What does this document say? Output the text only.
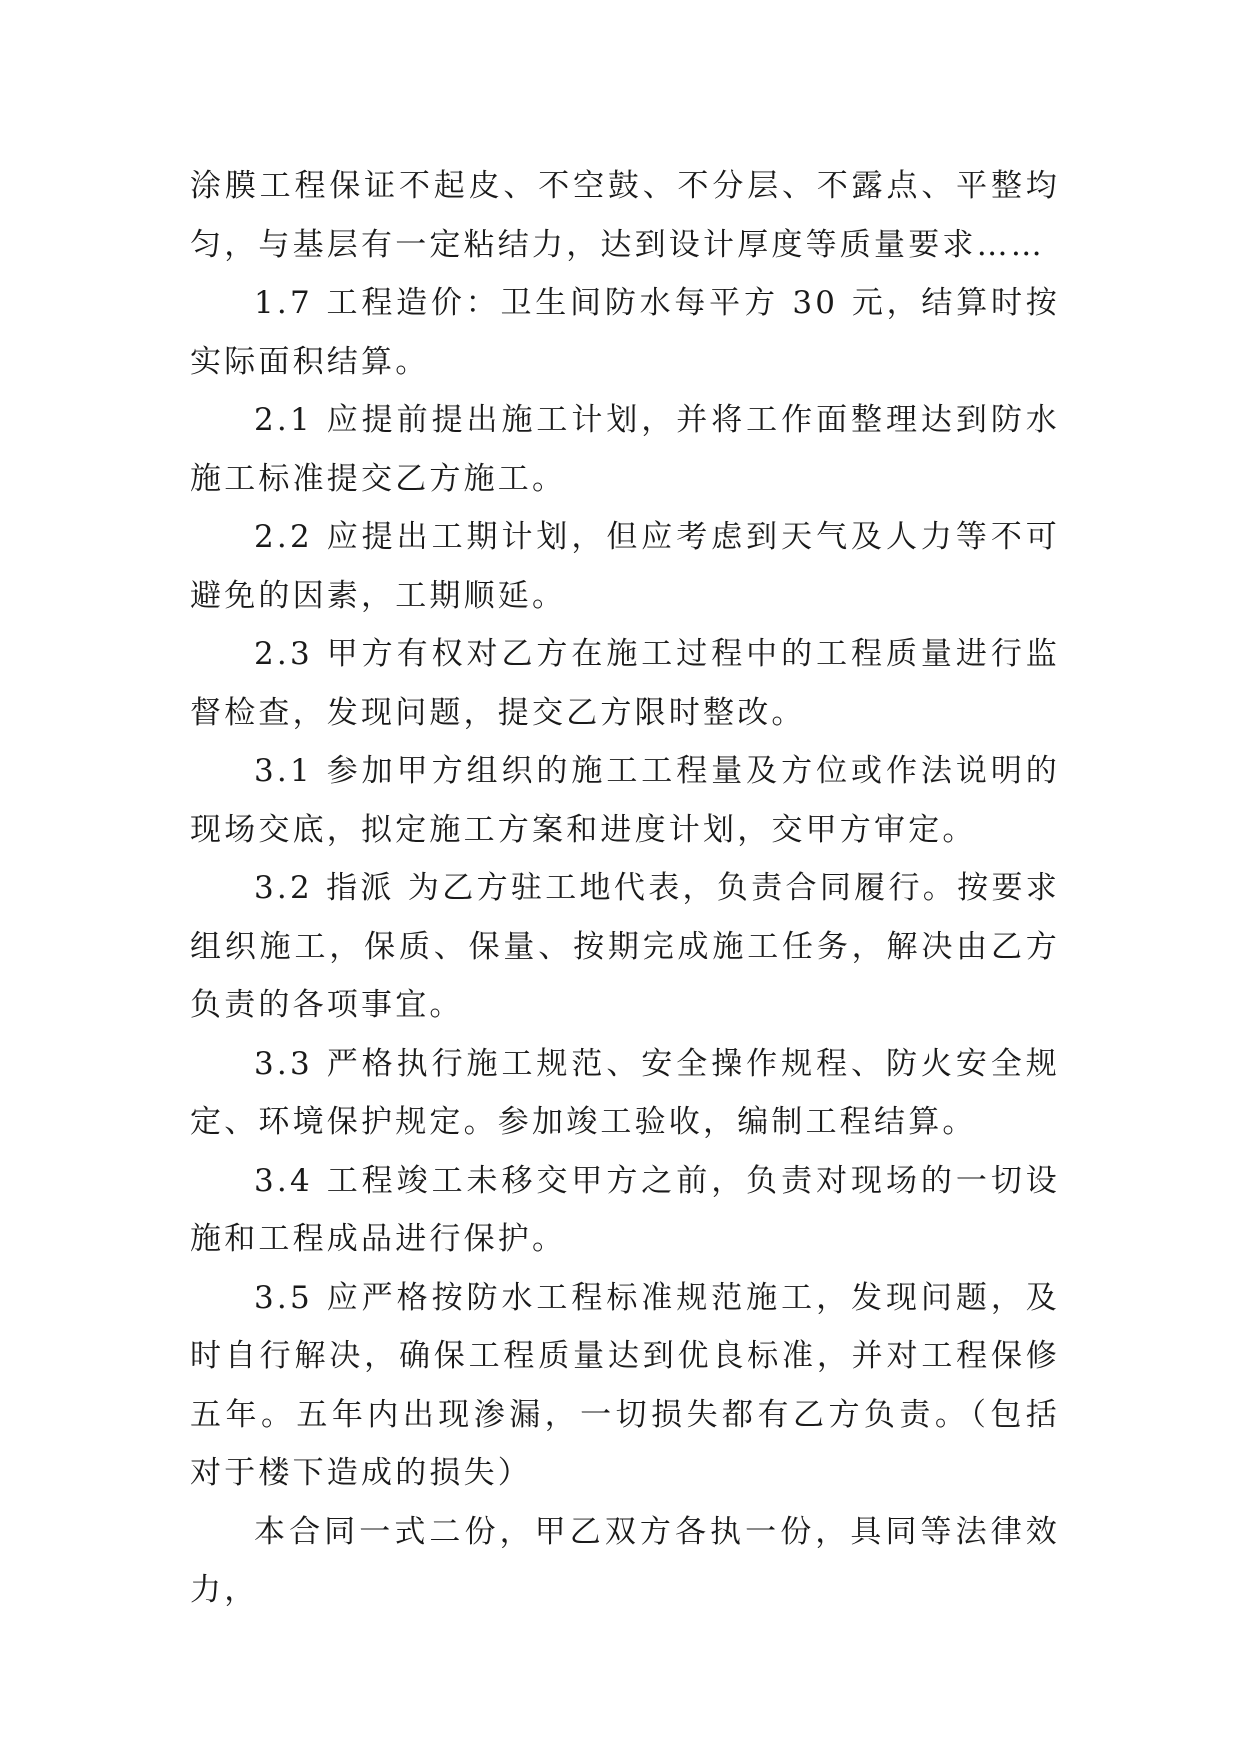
涂膜工程保证不起皮、不空鼓、不分层、不露点、平整均匀，与基层有一定粘结力，达到设计厚度等质量要求……

1.7 工程造价：卫生间防水每平方 30 元，结算时按实际面积结算。

2.1 应提前提出施工计划，并将工作面整理达到防水施工标准提交乙方施工。

2.2 应提出工期计划，但应考虑到天气及人力等不可避免的因素，工期顺延。

2.3 甲方有权对乙方在施工过程中的工程质量进行监督检查，发现问题，提交乙方限时整改。

3.1 参加甲方组织的施工工程量及方位或作法说明的现场交底，拟定施工方案和进度计划，交甲方审定。

3.2 指派 为乙方驻工地代表，负责合同履行。按要求组织施工，保质、保量、按期完成施工任务，解决由乙方负责的各项事宜。

3.3 严格执行施工规范、安全操作规程、防火安全规定、环境保护规定。参加竣工验收，编制工程结算。

3.4 工程竣工未移交甲方之前，负责对现场的一切设施和工程成品进行保护。

3.5 应严格按防水工程标准规范施工，发现问题，及时自行解决，确保工程质量达到优良标准，并对工程保修五年。五年内出现渗漏，一切损失都有乙方负责。（包括对于楼下造成的损失）

本合同一式二份，甲乙双方各执一份，具同等法律效力，
